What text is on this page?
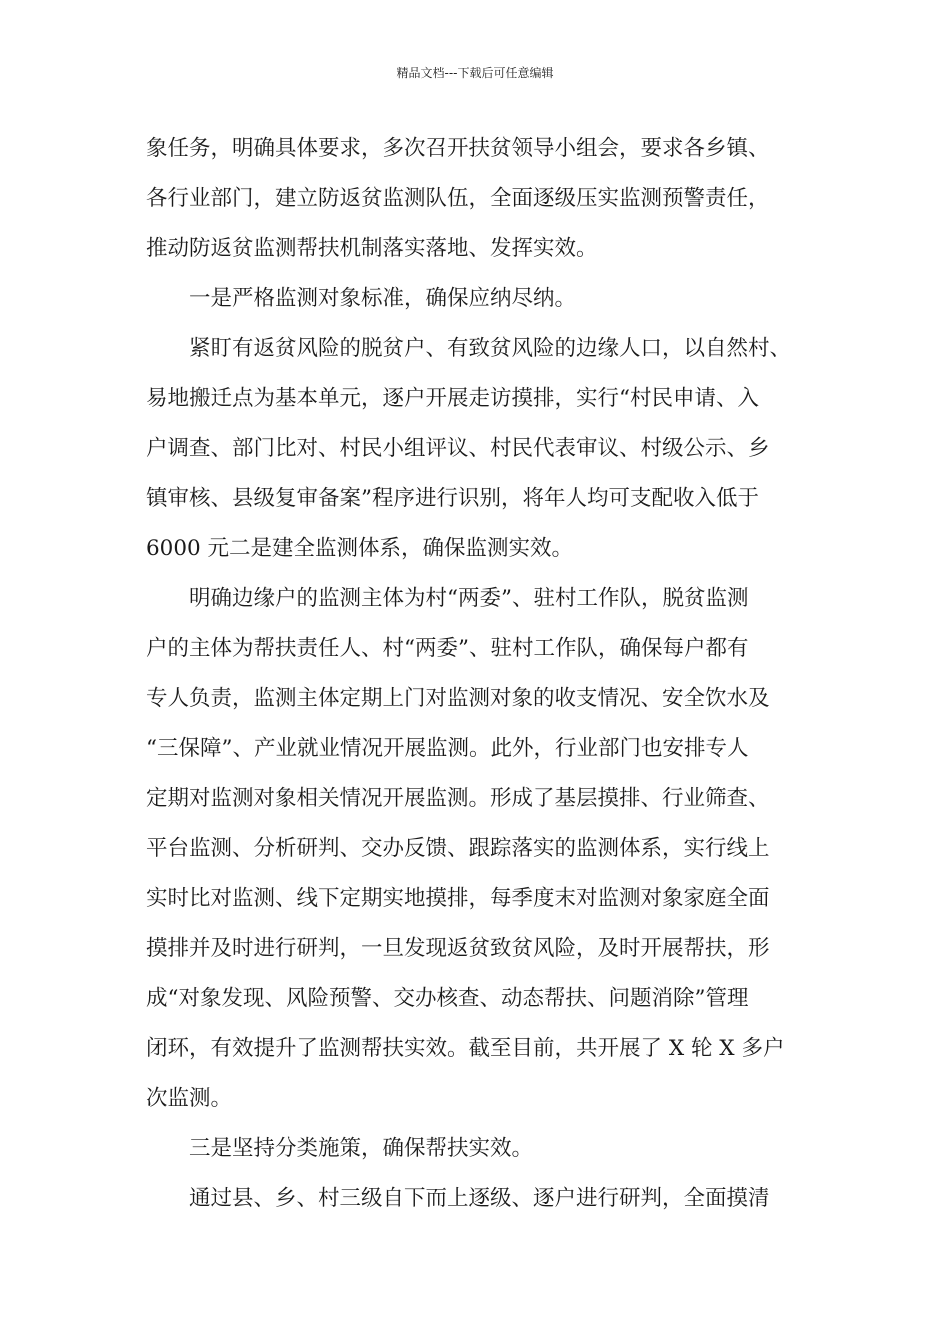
精品文档---下载后可任意编辑
象任务，明确具体要求，多次召开扶贫领导小组会，要求各乡镇、
各行业部门，建立防返贫监测队伍，全面逐级压实监测预警责任，
推动防返贫监测帮扶机制落实落地、发挥实效。
一是严格监测对象标准，确保应纳尽纳。
紧盯有返贫风险的脱贫户、有致贫风险的边缘人口，以自然村、
易地搬迁点为基本单元，逐户开展走访摸排，实行“村民申请、入
户调查、部门比对、村民小组评议、村民代表审议、村级公示、乡
镇审核、县级复审备案”程序进行识别，将年人均可支配收入低于
6000 元二是建全监测体系，确保监测实效。
明确边缘户的监测主体为村“两委”、驻村工作队，脱贫监测
户的主体为帮扶责任人、村“两委”、驻村工作队，确保每户都有
专人负责，监测主体定期上门对监测对象的收支情况、安全饮水及
“三保障”、产业就业情况开展监测。此外，行业部门也安排专人
定期对监测对象相关情况开展监测。形成了基层摸排、行业筛查、
平台监测、分析研判、交办反馈、跟踪落实的监测体系，实行线上
实时比对监测、线下定期实地摸排，每季度末对监测对象家庭全面
摸排并及时进行研判，一旦发现返贫致贫风险，及时开展帮扶，形
成“对象发现、风险预警、交办核查、动态帮扶、问题消除”管理
闭环，有效提升了监测帮扶实效。截至目前，共开展了 X 轮 X 多户
次监测。
三是坚持分类施策，确保帮扶实效。
通过县、乡、村三级自下而上逐级、逐户进行研判，全面摸清
